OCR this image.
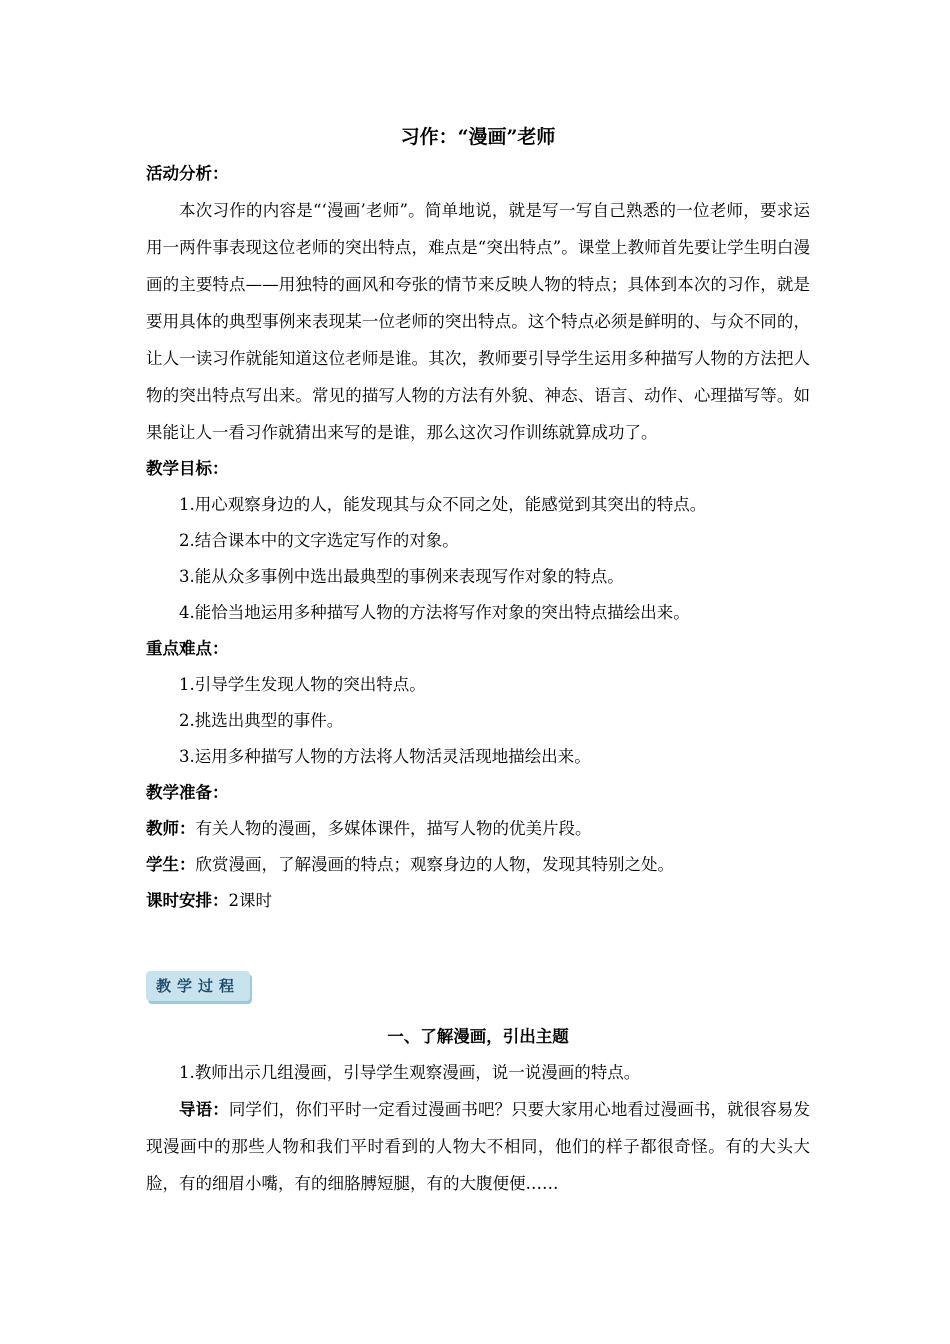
习作：“漫画”老师
活动分析：
本次习作的内容是“‘漫画’老师”。简单地说，就是写一写自己熟悉的一位老师，要求运用一两件事表现这位老师的突出特点，难点是“突出特点”。课堂上教师首先要让学生明白漫画的主要特点——用独特的画风和夸张的情节来反映人物的特点；具体到本次的习作，就是要用具体的典型事例来表现某一位老师的突出特点。这个特点必须是鲜明的、与众不同的，让人一读习作就能知道这位老师是谁。其次，教师要引导学生运用多种描写人物的方法把人物的突出特点写出来。常见的描写人物的方法有外貌、神态、语言、动作、心理描写等。如果能让人一看习作就猜出来写的是谁，那么这次习作训练就算成功了。
教学目标：
1.用心观察身边的人，能发现其与众不同之处，能感觉到其突出的特点。
2.结合课本中的文字选定写作的对象。
3.能从众多事例中选出最典型的事例来表现写作对象的特点。
4.能恰当地运用多种描写人物的方法将写作对象的突出特点描绘出来。
重点难点：
1.引导学生发现人物的突出特点。
2.挑选出典型的事件。
3.运用多种描写人物的方法将人物活灵活现地描绘出来。
教学准备：
教师：有关人物的漫画，多媒体课件，描写人物的优美片段。
学生：欣赏漫画，了解漫画的特点；观察身边的人物，发现其特别之处。
课时安排：2课时
教学过程
一、了解漫画，引出主题
1.教师出示几组漫画，引导学生观察漫画，说一说漫画的特点。
导语：同学们，你们平时一定看过漫画书吧？只要大家用心地看过漫画书，就很容易发现漫画中的那些人物和我们平时看到的人物大不相同，他们的样子都很奇怪。有的大头大脸，有的细眉小嘴，有的细胳膊短腿，有的大腹便便……
